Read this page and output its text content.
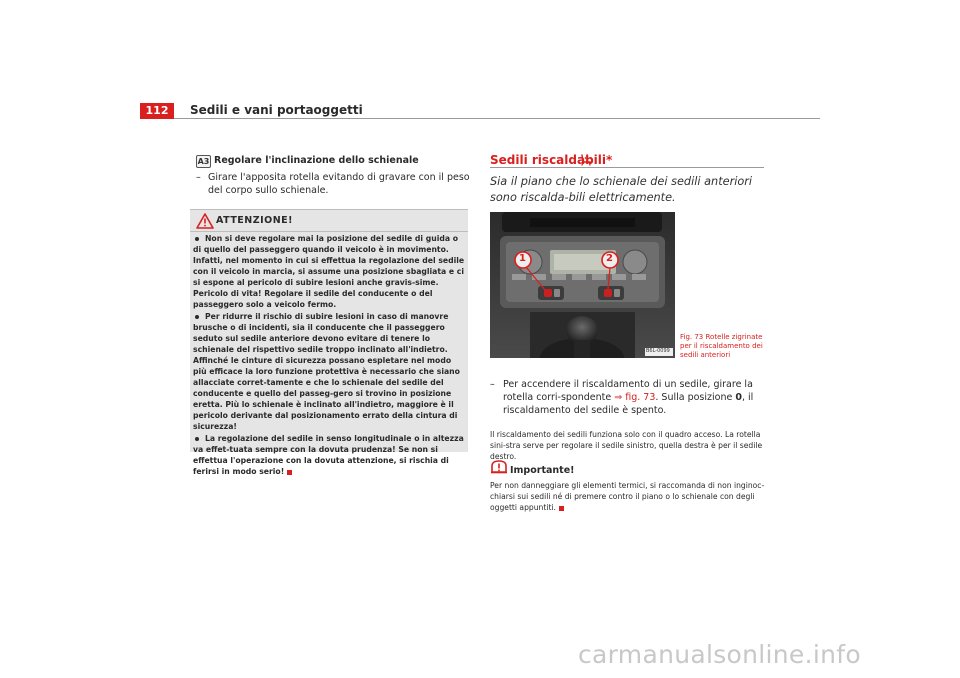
112	Sedili e vani portaoggetti
A3 Regolare l'inclinazione dello schienale
– Girare l'apposita rotella evitando di gravare con il peso del corpo sullo schienale.
ATTENZIONE!

Non si deve regolare mai la posizione del sedile di guida o di quello del passeggero quando il veicolo è in movimento. Infatti, nel momento in cui si effettua la regolazione del sedile con il veicolo in marcia, si assume una posizione sbagliata e ci si espone al pericolo di subire lesioni anche gravis-sime. Pericolo di vita! Regolare il sedile del conducente o del passeggero solo a veicolo fermo.

Per ridurre il rischio di subire lesioni in caso di manovre brusche o di incidenti, sia il conducente che il passeggero seduto sul sedile anteriore devono evitare di tenere lo schienale del rispettivo sedile troppo inclinato all'indietro. Affinché le cinture di sicurezza possano espletare nel modo più efficace la loro funzione protettiva è necessario che siano allacciate corret-tamente e che lo schienale del sedile del conducente e quello del passeg-gero si trovino in posizione eretta. Più lo schienale è inclinato all'indietro, maggiore è il pericolo derivante dal posizionamento errato della cintura di sicurezza!

La regolazione del sedile in senso longitudinale o in altezza va effet-tuata sempre con la dovuta prudenza! Se non si effettua l'operazione con la dovuta attenzione, si rischia di ferirsi in modo serio!

Sedili riscaldabili*
Sia il piano che lo schienale dei sedili anteriori sono riscalda-bili elettricamente.
1	2
B6L-0099
Fig. 73 Rotelle zigrinate per il riscaldamento dei sedili anteriori
– Per accendere il riscaldamento di un sedile, girare la rotella corri-spondente ⇒ fig. 73. Sulla posizione 0, il riscaldamento del sedile è spento.
Il riscaldamento dei sedili funziona solo con il quadro acceso. La rotella sini-stra serve per regolare il sedile sinistro, quella destra è per il sedile destro.
Importante!
Per non danneggiare gli elementi termici, si raccomanda di non inginoc-chiarsi sui sedili né di premere contro il piano o lo schienale con degli oggetti appuntiti.
carmanualsonline.info
